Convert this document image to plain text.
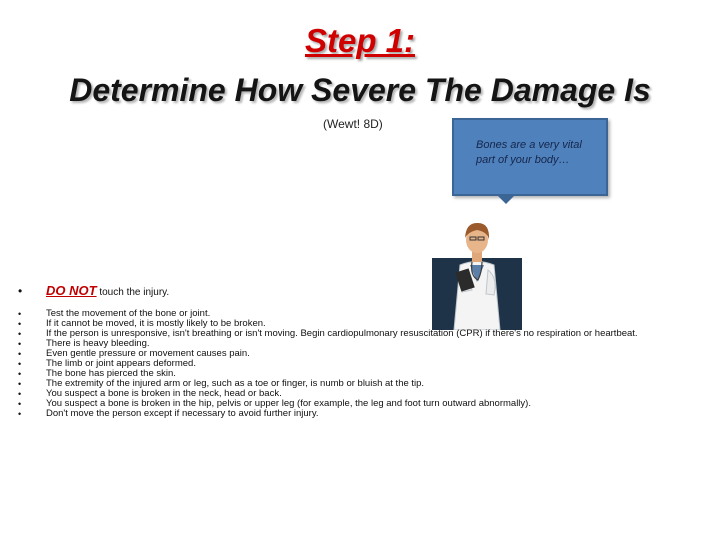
Step 1:
Determine How Severe The Damage Is
(Wewt! 8D)
Bones are a very vital part of your body…
• DO NOT touch the injury.
•	Test the movement of the bone or joint.
•	If it cannot be moved, it is mostly likely to be broken.
•	If the person is unresponsive, isn't breathing or isn't moving. Begin cardiopulmonary resuscitation (CPR) if there's no respiration or heartbeat.
•	There is heavy bleeding.
•	Even gentle pressure or movement causes pain.
•	The limb or joint appears deformed.
•	The bone has pierced the skin.
•	The extremity of the injured arm or leg, such as a toe or finger, is numb or bluish at the tip.
•	You suspect a bone is broken in the neck, head or back.
•	You suspect a bone is broken in the hip, pelvis or upper leg (for example, the leg and foot turn outward abnormally).
•	Don't move the person except if necessary to avoid further injury.
